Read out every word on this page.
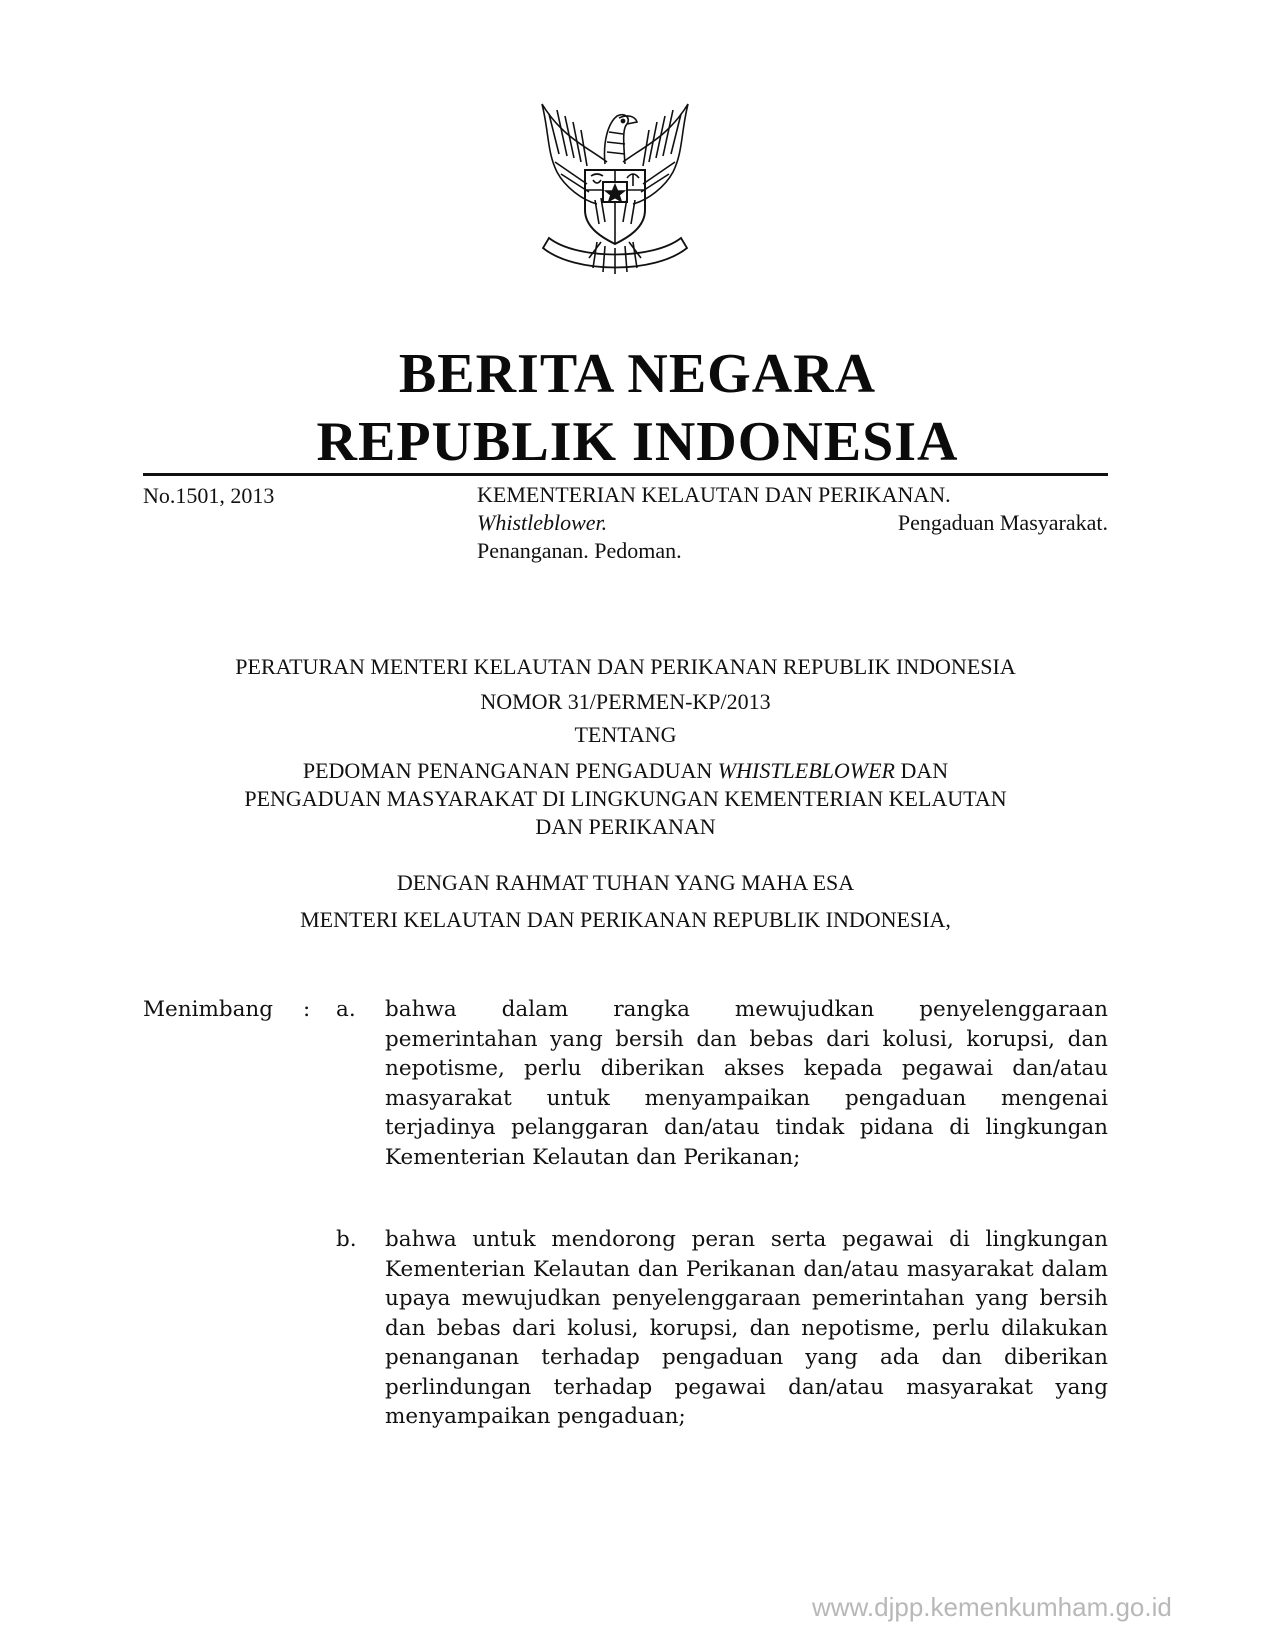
BERITA NEGARA
REPUBLIK INDONESIA
No.1501, 2013	KEMENTERIAN KELAUTAN DAN PERIKANAN.
Whistleblower.	Pengaduan Masyarakat.
Penanganan. Pedoman.
PERATURAN MENTERI KELAUTAN DAN PERIKANAN REPUBLIK INDONESIA
NOMOR 31/PERMEN-KP/2013
TENTANG
PEDOMAN PENANGANAN PENGADUAN WHISTLEBLOWER DAN
PENGADUAN MASYARAKAT DI LINGKUNGAN KEMENTERIAN KELAUTAN
DAN PERIKANAN
DENGAN RAHMAT TUHAN YANG MAHA ESA
MENTERI KELAUTAN DAN PERIKANAN REPUBLIK INDONESIA,
Menimbang : a. bahwa dalam rangka mewujudkan penyelenggaraan pemerintahan yang bersih dan bebas dari kolusi, korupsi, dan nepotisme, perlu diberikan akses kepada pegawai dan/atau masyarakat untuk menyampaikan pengaduan mengenai terjadinya pelanggaran dan/atau tindak pidana di lingkungan Kementerian Kelautan dan Perikanan;
b. bahwa untuk mendorong peran serta pegawai di lingkungan Kementerian Kelautan dan Perikanan dan/atau masyarakat dalam upaya mewujudkan penyelenggaraan pemerintahan yang bersih dan bebas dari kolusi, korupsi, dan nepotisme, perlu dilakukan penanganan terhadap pengaduan yang ada dan diberikan perlindungan terhadap pegawai dan/atau masyarakat yang menyampaikan pengaduan;
www.djpp.kemenkumham.go.id
